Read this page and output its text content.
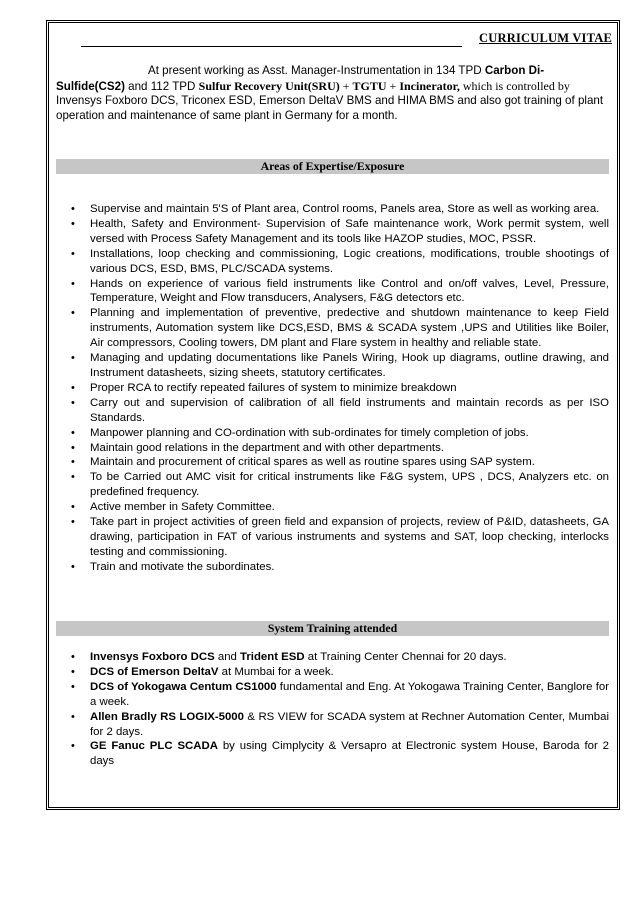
CURRICULUM VITAE

At present working as Asst. Manager-Instrumentation in 134 TPD Carbon Di-Sulfide(CS2) and 112 TPD Sulfur Recovery Unit(SRU) + TGTU + Incinerator, which is controlled by Invensys Foxboro DCS, Triconex ESD, Emerson DeltaV BMS and HIMA BMS and also got training of plant operation and maintenance of same plant in Germany for a month.

Areas of Expertise/Exposure
• Supervise and maintain 5'S of Plant area, Control rooms, Panels area, Store as well as working area.
• Health, Safety and Environment- Supervision of Safe maintenance work, Work permit system, well versed with Process Safety Management and its tools like HAZOP studies, MOC, PSSR.
• Installations, loop checking and commissioning, Logic creations, modifications, trouble shootings of various DCS, ESD, BMS, PLC/SCADA systems.
• Hands on experience of various field instruments like Control and on/off valves, Level, Pressure, Temperature, Weight and Flow transducers, Analysers, F&G detectors etc.
• Planning and implementation of preventive, predective and shutdown maintenance to keep Field instruments, Automation system like DCS,ESD, BMS & SCADA system ,UPS and Utilities like Boiler, Air compressors, Cooling towers, DM plant and Flare system in healthy and reliable state.
• Managing and updating documentations like Panels Wiring, Hook up diagrams, outline drawing, and Instrument datasheets, sizing sheets, statutory certificates.
• Proper RCA to rectify repeated failures of system to minimize breakdown
• Carry out and supervision of calibration of all field instruments and maintain records as per ISO Standards.
• Manpower planning and CO-ordination with sub-ordinates for timely completion of jobs.
• Maintain good relations in the department and with other departments.
• Maintain and procurement of critical spares as well as routine spares using SAP system.
• To be Carried out AMC visit for critical instruments like F&G system, UPS , DCS, Analyzers etc. on predefined frequency.
• Active member in Safety Committee.
• Take part in project activities of green field and expansion of projects, review of P&ID, datasheets, GA drawing, participation in FAT of various instruments and systems and SAT, loop checking, interlocks testing and commissioning.
• Train and motivate the subordinates.
System Training attended
• Invensys Foxboro DCS and Trident ESD at Training Center Chennai for 20 days.
• DCS of Emerson DeltaV at Mumbai for a week.
• DCS of Yokogawa Centum CS1000 fundamental and Eng. At Yokogawa Training Center, Banglore for a week.
• Allen Bradly RS LOGIX-5000 & RS VIEW for SCADA system at Rechner Automation Center, Mumbai for 2 days.
• GE Fanuc PLC SCADA by using Cimplycity & Versapro at Electronic system House, Baroda for 2 days
